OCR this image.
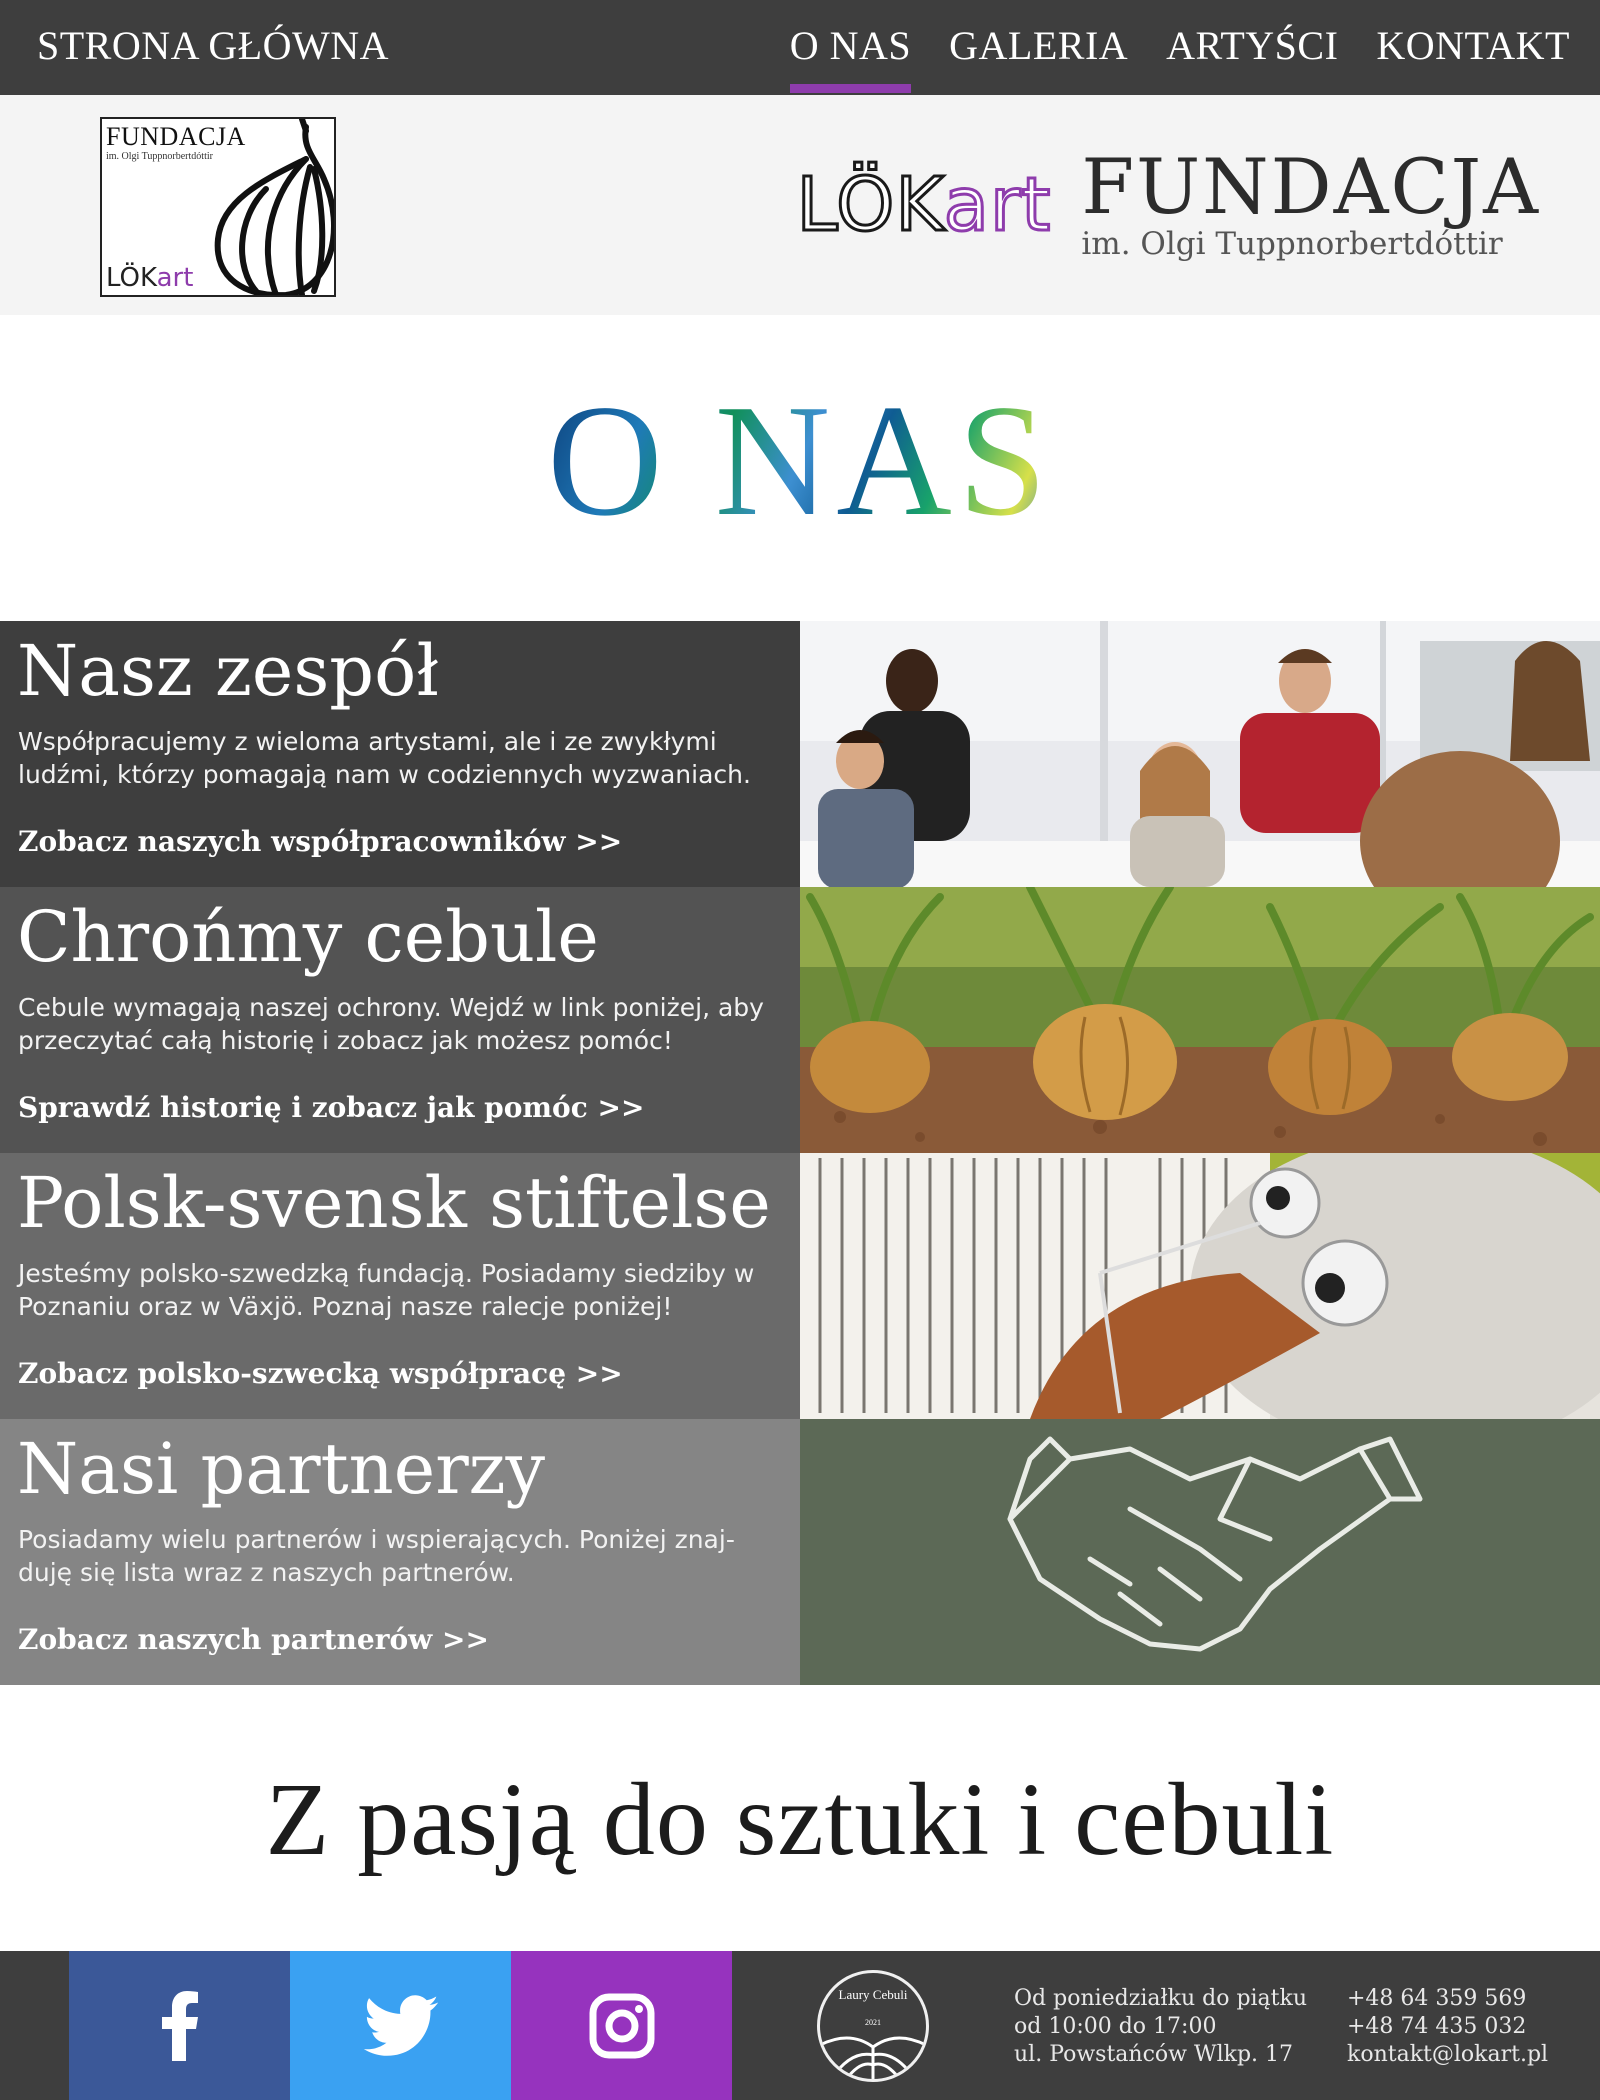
STRONA GŁÓWNA	O NAS GALERIA ARTYŚCI KONTAKT
FUNDACJA
im. Olgi Tuppnorbertdóttir
LÖKart
LÖKart FUNDACJA
im. Olgi Tuppnorbertdóttir
O NAS
Nasz zespół

Współpracujemy z wieloma artystami, ale i ze zwykłymi ludźmi, którzy pomagają nam w codziennych wyzwaniach.

Zobacz naszych współpracowników >>
Chrońmy cebule

Cebule wymagają naszej ochrony. Wejdź w link poniżej, aby przeczytać całą historię i zobacz jak możesz pomóc!

Sprawdź historię i zobacz jak pomóc >>
Polsk-svensk stiftelse

Jesteśmy polsko-szwedzką fundacją. Posiadamy siedziby w Poznaniu oraz w Växjö. Poznaj nasze ralecje poniżej!

Zobacz polsko-szwecką współpracę >>
Nasi partnerzy

Posiadamy wielu partnerów i wspierających. Poniżej znaj-duję się lista wraz z naszych partnerów.

Zobacz naszych partnerów >>
Z pasją do sztuki i cebuli
Laury Cebuli
2021
Od poniedziałku do piątku
od 10:00 do 17:00
ul. Powstańców Wlkp. 17
+48 64 359 569
+48 74 435 032
kontakt@lokart.pl
